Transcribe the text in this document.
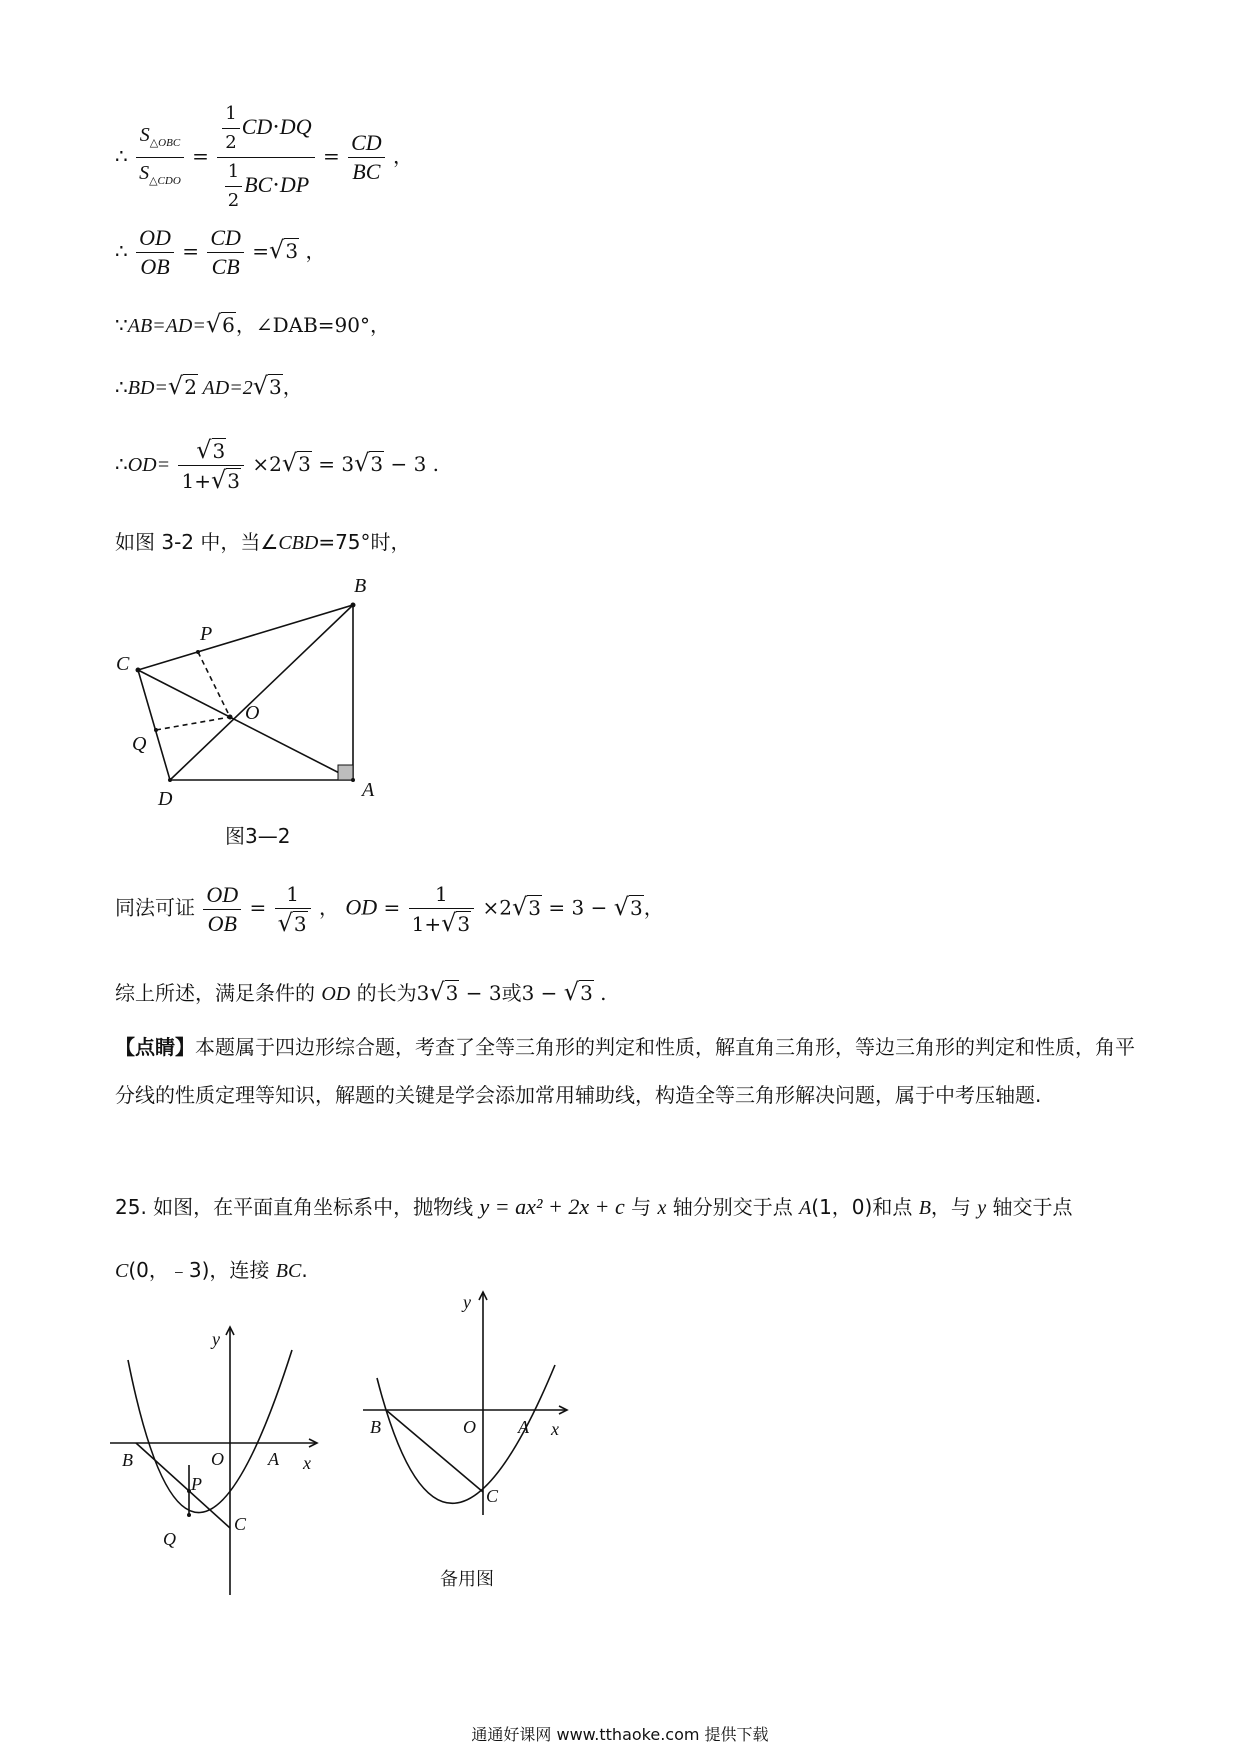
∴ $\frac{S_{\triangle OBC}}{S_{\triangle CDO}} = \frac{\frac{1}{2} CD\cdot DQ}{\frac{1}{2} BC\cdot DP} = \frac{CD}{BC}$ ，
∴ $\frac{OD}{OB} = \frac{CD}{CB} =√3$ ，
∵AB=AD=√6，∠DAB=90°，
∴BD=√2 AD=2√3，
∴OD= $\frac{√3}{1+√3} \times 2√3 = 3√3 - 3$ .
如图 3-2 中，当∠CBD=75°时，
B
C
P
O
Q
D	A
图3—2
同法可证 $\frac{OD}{OB} = \frac{1}{√3}$ ， OD = $\frac{1}{1+√3} \times 2√3 = 3 - √3$，
综上所述，满足条件的 OD 的长为3√3 − 3或3 − √3 .
【点睛】本题属于四边形综合题，考查了全等三角形的判定和性质，解直角三角形，等边三角形的判定和性质，角平分线的性质定理等知识，解题的关键是学会添加常用辅助线，构造全等三角形解决问题，属于中考压轴题.
25. 如图，在平面直角坐标系中，抛物线 y = ax² + 2x + c 与 x 轴分别交于点 A(1，0)和点 B，与 y 轴交于点
C(0，﹣3)，连接 BC.
y
x
B	O A
P
Q
C
y
x
B	O A
C
备用图
通通好课网 www.tthaoke.com 提供下载
